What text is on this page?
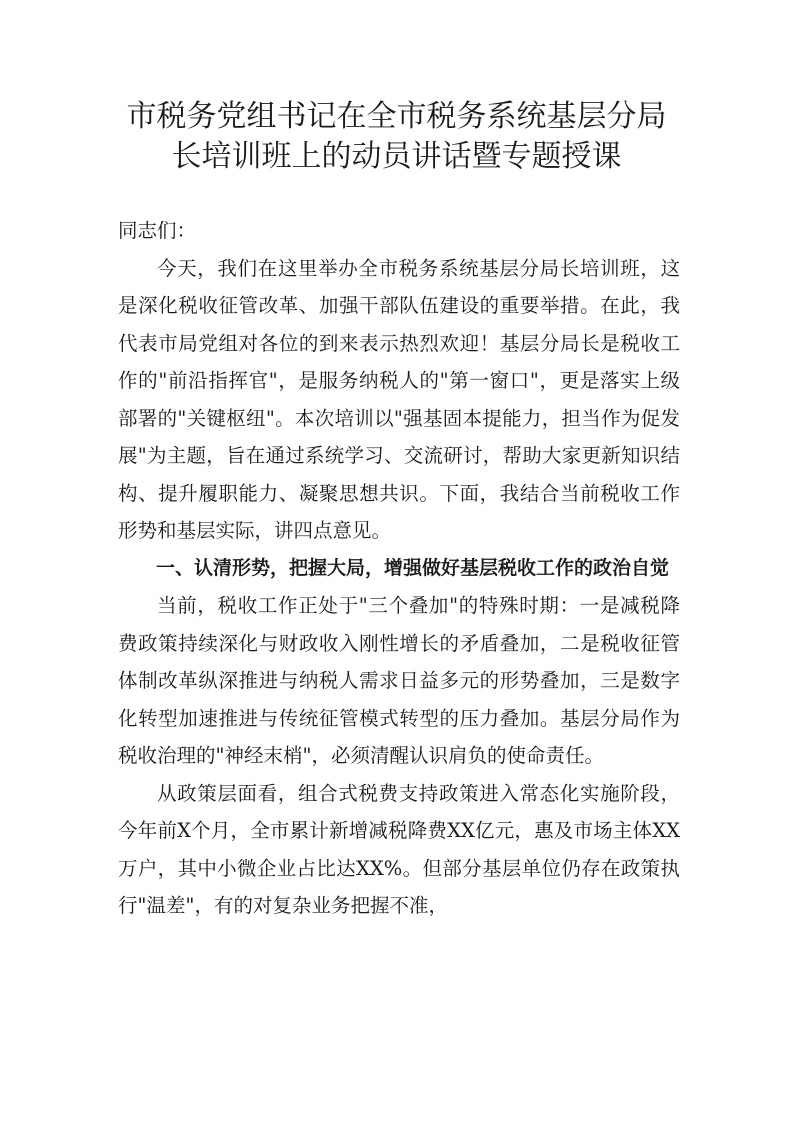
市税务党组书记在全市税务系统基层分局
长培训班上的动员讲话暨专题授课

同志们：

今天，我们在这里举办全市税务系统基层分局长培训班，这是深化税收征管改革、加强干部队伍建设的重要举措。在此，我代表市局党组对各位的到来表示热烈欢迎！基层分局长是税收工作的"前沿指挥官"，是服务纳税人的"第一窗口"，更是落实上级部署的"关键枢纽"。本次培训以"强基固本提能力，担当作为促发展"为主题，旨在通过系统学习、交流研讨，帮助大家更新知识结构、提升履职能力、凝聚思想共识。下面，我结合当前税收工作形势和基层实际，讲四点意见。

一、认清形势，把握大局，增强做好基层税收工作的政治自觉

当前，税收工作正处于"三个叠加"的特殊时期：一是减税降费政策持续深化与财政收入刚性增长的矛盾叠加，二是税收征管体制改革纵深推进与纳税人需求日益多元的形势叠加，三是数字化转型加速推进与传统征管模式转型的压力叠加。基层分局作为税收治理的"神经末梢"，必须清醒认识肩负的使命责任。

从政策层面看，组合式税费支持政策进入常态化实施阶段，今年前X个月，全市累计新增减税降费XX亿元，惠及市场主体XX万户，其中小微企业占比达XX%。但部分基层单位仍存在政策执行"温差"，有的对复杂业务把握不准，
